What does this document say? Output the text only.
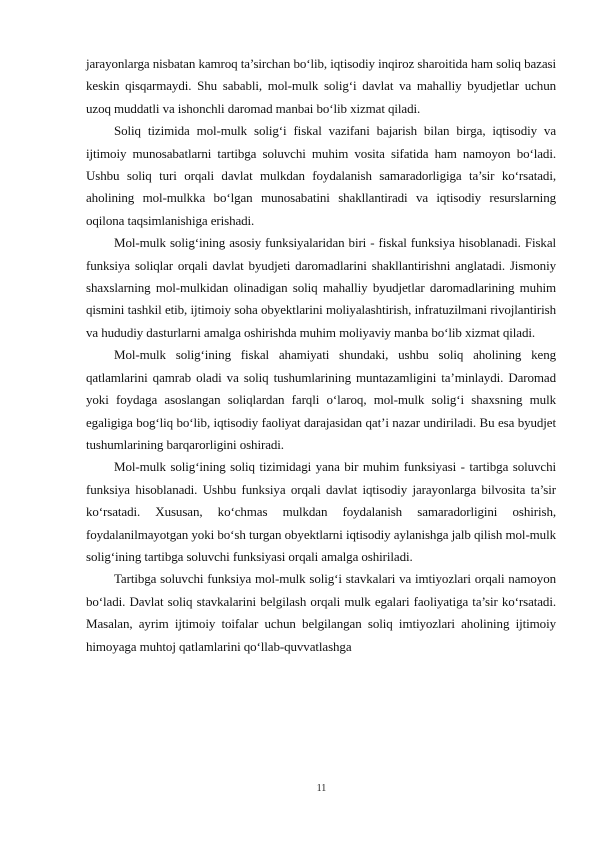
jarayonlarga nisbatan kamroq ta’sirchan bo‘lib, iqtisodiy inqiroz sharoitida ham soliq bazasi keskin qisqarmaydi. Shu sababli, mol-mulk solig‘i davlat va mahalliy byudjetlar uchun uzoq muddatli va ishonchli daromad manbai bo‘lib xizmat qiladi.

Soliq tizimida mol-mulk solig‘i fiskal vazifani bajarish bilan birga, iqtisodiy va ijtimoiy munosabatlarni tartibga soluvchi muhim vosita sifatida ham namoyon bo‘ladi. Ushbu soliq turi orqali davlat mulkdan foydalanish samaradorligiga ta’sir ko‘rsatadi, aholining mol-mulkka bo‘lgan munosabatini shakllantiradi va iqtisodiy resurslarning oqilona taqsimlanishiga erishadi.

Mol-mulk solig‘ining asosiy funksiyalaridan biri - fiskal funksiya hisoblanadi. Fiskal funksiya soliqlar orqali davlat byudjeti daromadlarini shakllantirishni anglatadi. Jismoniy shaxslarning mol-mulkidan olinadigan soliq mahalliy byudjetlar daromadlarining muhim qismini tashkil etib, ijtimoiy soha obyektlarini moliyalashtirish, infratuzilmani rivojlantirish va hududiy dasturlarni amalga oshirishda muhim moliyaviy manba bo‘lib xizmat qiladi.

Mol-mulk solig‘ining fiskal ahamiyati shundaki, ushbu soliq aholining keng qatlamlarini qamrab oladi va soliq tushumlarining muntazamligini ta’minlaydi. Daromad yoki foydaga asoslangan soliqlardan farqli o‘laroq, mol-mulk solig‘i shaxsning mulk egaligiga bog‘liq bo‘lib, iqtisodiy faoliyat darajasidan qat’i nazar undiriladi. Bu esa byudjet tushumlarining barqarorligini oshiradi.

Mol-mulk solig‘ining soliq tizimidagi yana bir muhim funksiyasi - tartibga soluvchi funksiya hisoblanadi. Ushbu funksiya orqali davlat iqtisodiy jarayonlarga bilvosita ta’sir ko‘rsatadi. Xususan, ko‘chmas mulkdan foydalanish samaradorligini oshirish, foydalanilmayotgan yoki bo‘sh turgan obyektlarni iqtisodiy aylanishga jalb qilish mol-mulk solig‘ining tartibga soluvchi funksiyasi orqali amalga oshiriladi.

Tartibga soluvchi funksiya mol-mulk solig‘i stavkalari va imtiyozlari orqali namoyon bo‘ladi. Davlat soliq stavkalarini belgilash orqali mulk egalari faoliyatiga ta’sir ko‘rsatadi. Masalan, ayrim ijtimoiy toifalar uchun belgilangan soliq imtiyozlari aholining ijtimoiy himoyaga muhtoj qatlamlarini qo‘llab-quvvatlashga

11
